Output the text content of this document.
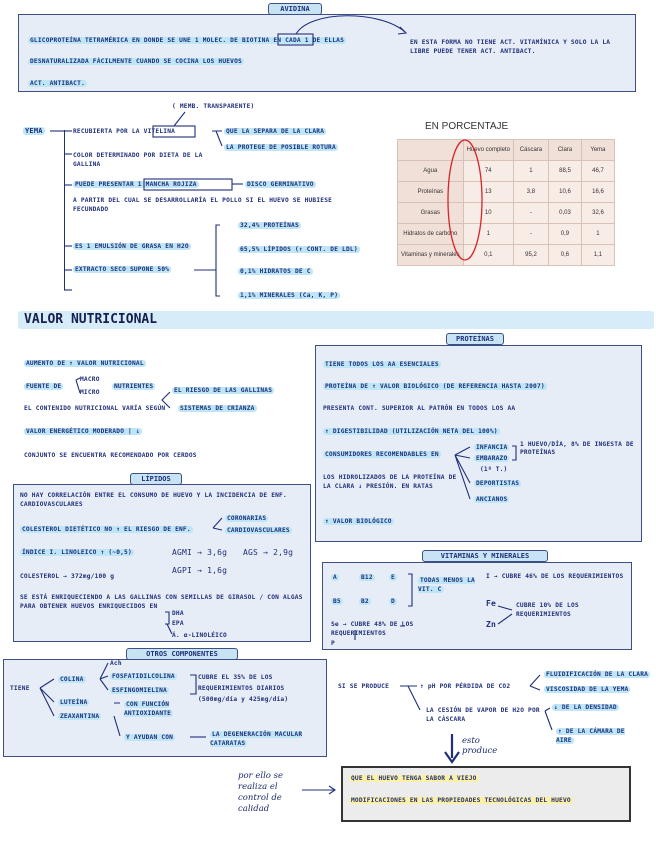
AVIDINA
GLICOPROTEÍNA TETRAMÉRICA EN DONDE SE UNE 1 MOLEC. DE BIOTINA EN CADA 1 DE ELLAS
DESNATURALIZADA FÁCILMENTE CUANDO SE COCINA LOS HUEVOS
ACT. ANTIBACT.
EN ESTA FORMA NO TIENE ACT. VITAMÍNICA Y SOLO LA LA LIBRE PUEDE TENER ACT. ANTIBACT.
YEMA
( MEMB. TRANSPARENTE)
RECUBIERTA POR LA VITELINA	QUE LA SEPARA DE LA CLARA
LA PROTEGE DE POSIBLE ROTURA
COLOR DETERMINADO POR DIETA DE LA GALLINA
PUEDE PRESENTAR 1 MANCHA ROJIZA	DISCO GERMINATIVO
A PARTIR DEL CUAL SE DESARROLLARÍA EL POLLO SI EL HUEVO SE HUBIESE FECUNDADO
ES 1 EMULSIÓN DE GRASA EN H2O
EXTRACTO SECO SUPONE 50%
32,4% PROTEÍNAS
65,5% LÍPIDOS (↑ CONT. DE LDL)
0,1% HIDRATOS DE C
1,1% MINERALES (Ca, K, P)
EN PORCENTAJE
	Huevo completo	Cáscara	Clara	Yema
Agua	74	1	88,5	46,7
Proteínas	13	3,8	10,6	16,6
Grasas	10	-	0,03	32,6
Hidratos de carbono	1	-	0,9	1
Vitaminas y minerales	0,1	95,2	0,6	1,1
VALOR NUTRICIONAL
AUMENTO DE ↑ VALOR NUTRICIONAL
FUENTE DE
MACRO
MICRO
NUTRIENTES
EL RIESGO DE LAS GALLINAS
EL CONTENIDO NUTRICIONAL VARÍA SEGÚN	SISTEMAS DE CRIANZA
VALOR ENERGÉTICO MODERADO | ↓
CONJUNTO SE ENCUENTRA RECOMENDADO POR CERDOS
PROTEÍNAS
TIENE TODOS LOS AA ESENCIALES
PROTEÍNA DE ↑ VALOR BIOLÓGICO (DE REFERENCIA HASTA 2007)
PRESENTA CONT. SUPERIOR AL PATRÓN EN TODOS LOS AA
↑ DIGESTIBILIDAD (UTILIZACIÓN NETA DEL 100%)
CONSUMIDORES RECOMENDABLES EN
INFANCIA
EMBARAZO
(1º T.)
DEPORTISTAS
ANCIANOS
1 HUEVO/DÍA, 8% DE INGESTA DE PROTEÍNAS
LOS HIDROLIZADOS DE LA PROTEÍNA DE LA CLARA ↓ PRESIÓN. EN RATAS
↑ VALOR BIOLÓGICO
LÍPIDOS
NO HAY CORRELACIÓN ENTRE EL CONSUMO DE HUEVO Y LA INCIDENCIA DE ENF. CARDIOVASCULARES
COLESTEROL DIETÉTICO NO ↑ EL RIESGO DE ENF.
CORONARIAS
CARDIOVASCULARES
ÍNDICE I. LINOLEICO ↑ (~0,5)	AGMI → 3,6g AGS → 2,9g
AGPI → 1,6g
COLESTEROL → 372mg/100 g
SE ESTÁ ENRIQUECIENDO A LAS GALLINAS CON SEMILLAS DE GIRASOL / CON ALGAS PARA OBTENER HUEVOS ENRIQUECIDOS EN
DHA
EPA
Á. α-LINOLÉICO
VITAMINAS Y MINERALES
A	B12	E
B5	B2	D
TODAS MENOS LA VIT. C
Se → CUBRE 48% DE LOS REQUERIMIENTOS
P
I → CUBRE 46% DE LOS REQUERIMIENTOS
Fe
Zn
CUBRE 10% DE LOS REQUERIMIENTOS
OTROS COMPONENTES
TIENE
COLINA
LUTEÍNA
ZEAXANTINA
Ach
FOSFATIDILCOLINA
ESFINGOMIELINA
CUBRE EL 35% DE LOS REQUERIMIENTOS DIARIOS (500mg/día y 425mg/día)
CON FUNCIÓN ANTIOXIDANTE
Y AYUDAN CON	LA DEGENERACIÓN MACULAR CATARATAS
SI SE PRODUCE	↑ pH POR PÉRDIDA DE CO2
FLUIDIFICACIÓN DE LA CLARA
VISCOSIDAD DE LA YEMA
LA CESIÓN DE VAPOR DE H2O POR LA CÁSCARA
↓ DE LA DENSIDAD
↑ DE LA CÁMARA DE AIRE
esto produce
por ello se realiza el control de calidad
QUE EL HUEVO TENGA SABOR A VIEJO
MODIFICACIONES EN LAS PROPIEDADES TECNOLÓGICAS DEL HUEVO
